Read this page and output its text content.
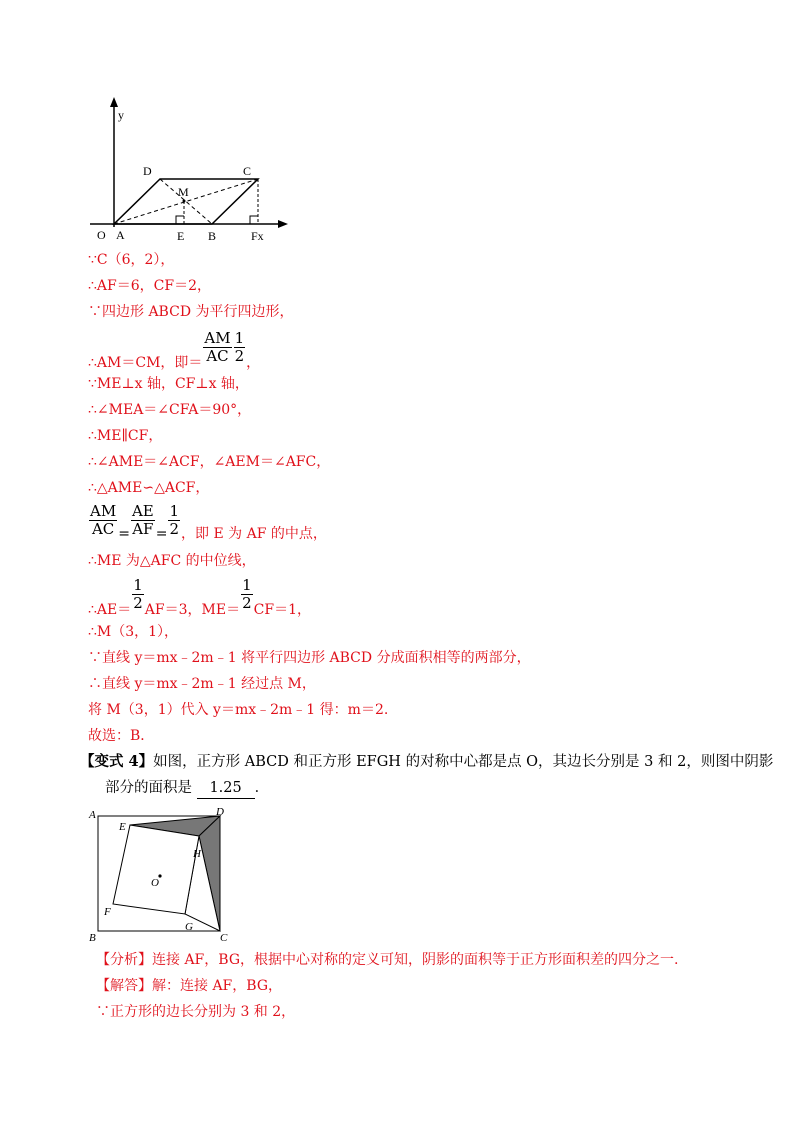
y
D	C
M
O A	E B	Fx
∵C（6，2），
∴AF＝6，CF＝2，
∵四边形 ABCD 为平行四边形，
∴AM＝CM，即＝ $\frac{AM}{AC} \frac{1}{2}$ ，
∵ME⊥x 轴，CF⊥x 轴，
∴∠MEA＝∠CFA＝90°，
∴ME∥CF，
∴∠AME＝∠ACF，∠AEM＝∠AFC，
∴△AME∽△ACF，
$\frac{AM}{AC} = \frac{AE}{AF} = \frac{1}{2}$ ，即 E 为 AF 的中点，
∴ME 为△AFC 的中位线，
∴AE＝ $\frac{1}{2} AF=3$，$ME= \frac{1}{2} CF=1$，
∴M（3，1），
∵直线 y＝mx﹣2m﹣1 将平行四边形 ABCD 分成面积相等的两部分，
∴直线 y＝mx﹣2m﹣1 经过点 M，
将 M（3，1）代入 y＝mx﹣2m﹣1 得：m＝2.
故选：B．
【变式 4】如图，正方形 ABCD 和正方形 EFGH 的对称中心都是点 O，其边长分别是 3 和 2，则图中阴影
部分的面积是 1.25 ．
A	D
E
H
O
F
G
B	C
【分析】连接 AF，BG，根据中心对称的定义可知，阴影的面积等于正方形面积差的四分之一.
【解答】解：连接 AF，BG，
∵正方形的边长分别为 3 和 2，
